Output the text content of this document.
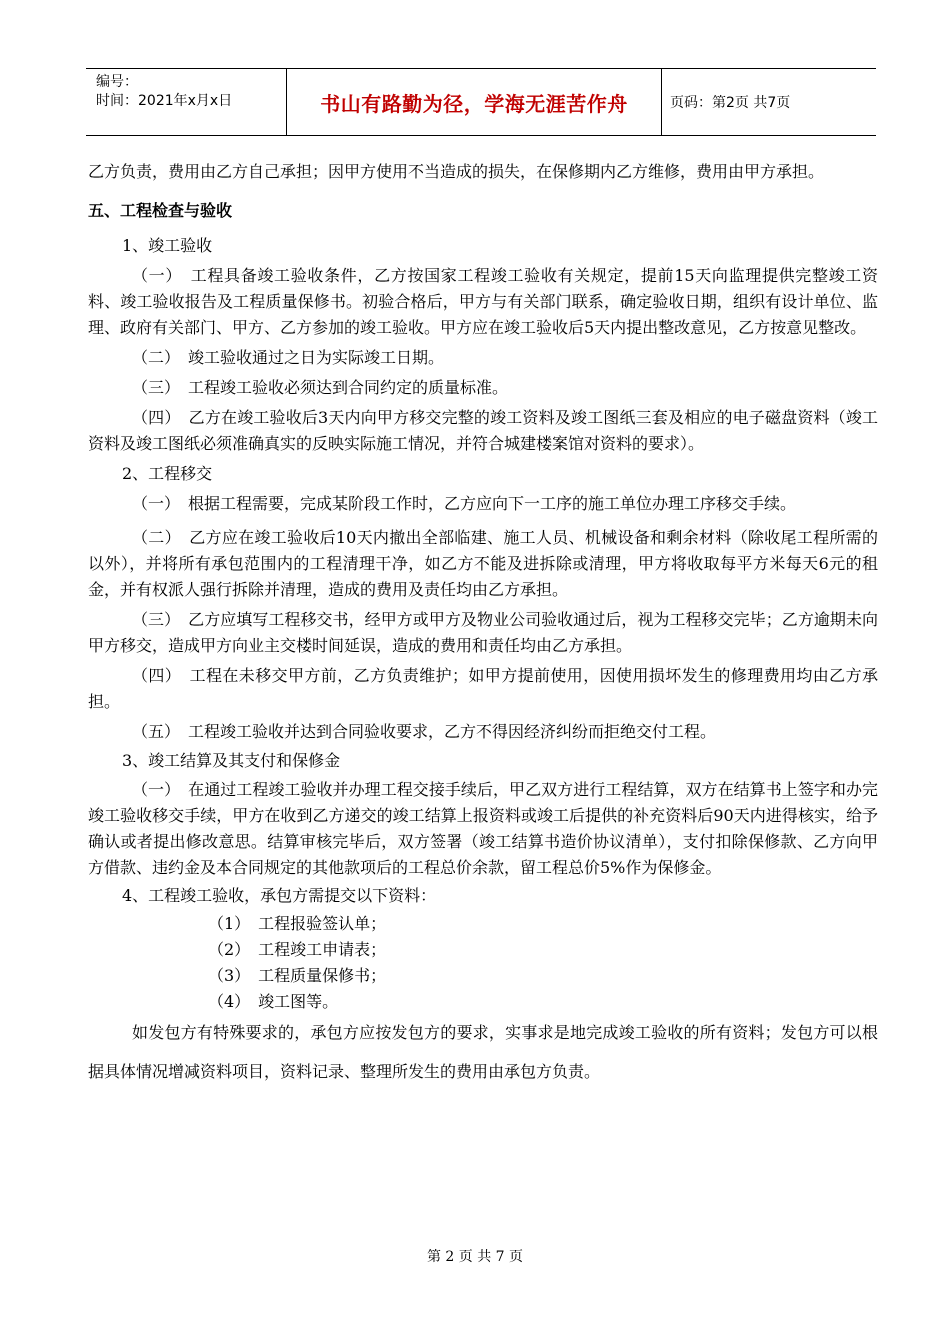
编号：
时间：2021年x月x日	书山有路勤为径，学海无涯苦作舟	页码：第2页 共7页

乙方负责，费用由乙方自己承担；因甲方使用不当造成的损失，在保修期内乙方维修，费用由甲方承担。

五、工程检查与验收

1、竣工验收

（一）　工程具备竣工验收条件，乙方按国家工程竣工验收有关规定，提前15天向监理提供完整竣工资料、竣工验收报告及工程质量保修书。初验合格后，甲方与有关部门联系，确定验收日期，组织有设计单位、监理、政府有关部门、甲方、乙方参加的竣工验收。甲方应在竣工验收后5天内提出整改意见，乙方按意见整改。

（二）　竣工验收通过之日为实际竣工日期。

（三）　工程竣工验收必须达到合同约定的质量标准。

（四）　乙方在竣工验收后3天内向甲方移交完整的竣工资料及竣工图纸三套及相应的电子磁盘资料（竣工资料及竣工图纸必须准确真实的反映实际施工情况，并符合城建楼案馆对资料的要求）。

2、工程移交

（一）　根据工程需要，完成某阶段工作时，乙方应向下一工序的施工单位办理工序移交手续。

（二）　乙方应在竣工验收后10天内撤出全部临建、施工人员、机械设备和剩余材料（除收尾工程所需的以外），并将所有承包范围内的工程清理干净，如乙方不能及进拆除或清理，甲方将收取每平方米每天6元的租金，并有权派人强行拆除并清理，造成的费用及责任均由乙方承担。

（三）　乙方应填写工程移交书，经甲方或甲方及物业公司验收通过后，视为工程移交完毕；乙方逾期未向甲方移交，造成甲方向业主交楼时间延误，造成的费用和责任均由乙方承担。

（四）　工程在未移交甲方前，乙方负责维护；如甲方提前使用，因使用损坏发生的修理费用均由乙方承担。

（五）　工程竣工验收并达到合同验收要求，乙方不得因经济纠纷而拒绝交付工程。

3、竣工结算及其支付和保修金

（一）　在通过工程竣工验收并办理工程交接手续后，甲乙双方进行工程结算，双方在结算书上签字和办完竣工验收移交手续，甲方在收到乙方递交的竣工结算上报资料或竣工后提供的补充资料后90天内进得核实，给予确认或者提出修改意思。结算审核完毕后，双方签署（竣工结算书造价协议清单），支付扣除保修款、乙方向甲方借款、违约金及本合同规定的其他款项后的工程总价余款，留工程总价5%作为保修金。

4、工程竣工验收，承包方需提交以下资料：

（1）　工程报验签认单；

（2）　工程竣工申请表；

（3）　工程质量保修书；

（4）　竣工图等。

如发包方有特殊要求的，承包方应按发包方的要求，实事求是地完成竣工验收的所有资料；发包方可以根据具体情况增减资料项目，资料记录、整理所发生的费用由承包方负责。

第 2 页 共 7 页
